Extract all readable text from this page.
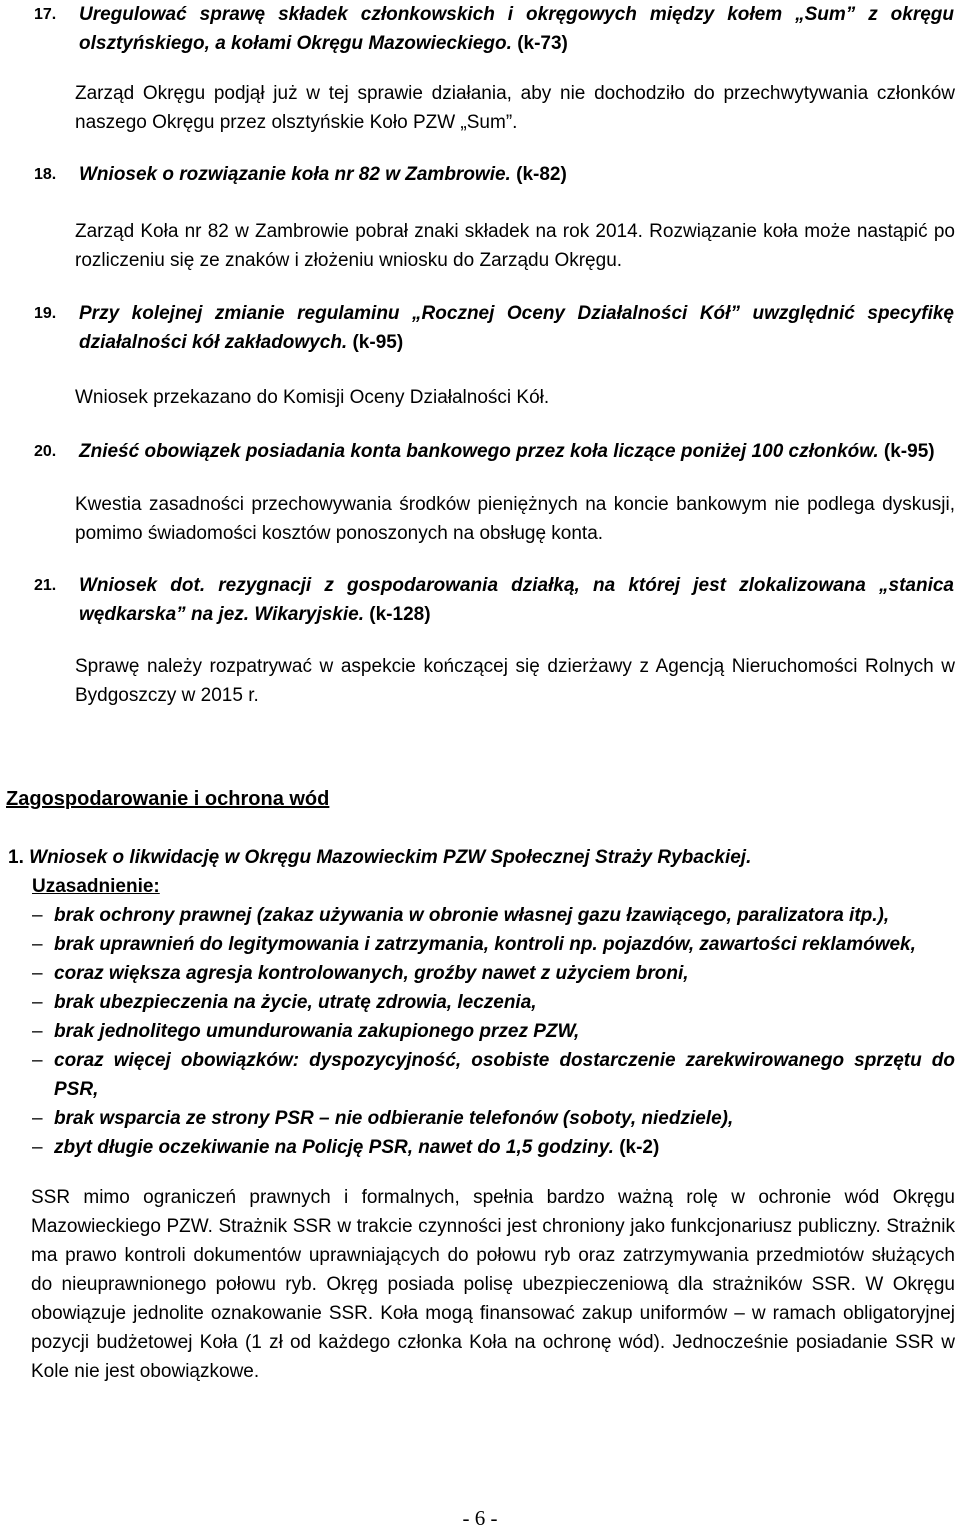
17.	Uregulować sprawę składek członkowskich i okręgowych między kołem „Sum” z okręgu olsztyńskiego, a kołami Okręgu Mazowieckiego. (k-73)
Zarząd Okręgu podjął już w tej sprawie działania, aby nie dochodziło do przechwytywania członków naszego Okręgu przez olsztyńskie Koło PZW „Sum”.
18.	Wniosek o rozwiązanie koła nr 82 w Zambrowie. (k-82)
Zarząd Koła nr 82 w Zambrowie pobrał znaki składek na rok 2014. Rozwiązanie koła może nastąpić po rozliczeniu się ze znaków i złożeniu wniosku do Zarządu Okręgu.
19.	Przy kolejnej zmianie regulaminu „Rocznej Oceny Działalności Kół” uwzględnić specyfikę działalności kół zakładowych. (k-95)
Wniosek przekazano do Komisji Oceny Działalności Kół.
20.	Znieść obowiązek posiadania konta bankowego przez koła liczące poniżej 100 członków. (k-95)
Kwestia zasadności przechowywania środków pieniężnych na koncie bankowym nie podlega dyskusji, pomimo świadomości kosztów ponoszonych na obsługę konta.
21.	Wniosek dot. rezygnacji z gospodarowania działką, na której jest zlokalizowana „stanica wędkarska” na jez. Wikaryjskie. (k-128)
Sprawę należy rozpatrywać w aspekcie kończącej się dzierżawy z Agencją Nieruchomości Rolnych w Bydgoszczy w 2015 r.
Zagospodarowanie i ochrona wód
1. Wniosek o likwidację w Okręgu Mazowieckim PZW Społecznej Straży Rybackiej.
Uzasadnienie:
– brak ochrony prawnej (zakaz używania w obronie własnej gazu łzawiącego, paralizatora itp.),
– brak uprawnień do legitymowania i zatrzymania, kontroli np. pojazdów, zawartości reklamówek,
– coraz większa agresja kontrolowanych, groźby nawet z użyciem broni,
– brak ubezpieczenia na życie, utratę zdrowia, leczenia,
– brak jednolitego umundurowania zakupionego przez PZW,
– coraz więcej obowiązków: dyspozycyjność, osobiste dostarczenie zarekwirowanego sprzętu do PSR,
– brak wsparcia ze strony PSR – nie odbieranie telefonów (soboty, niedziele),
– zbyt długie oczekiwanie na Policję PSR, nawet do 1,5 godziny. (k-2)
SSR mimo ograniczeń prawnych i formalnych, spełnia bardzo ważną rolę w ochronie wód Okręgu Mazowieckiego PZW. Strażnik SSR w trakcie czynności jest chroniony jako funkcjonariusz publiczny. Strażnik ma prawo kontroli dokumentów uprawniających do połowu ryb oraz zatrzymywania przedmiotów służących do nieuprawnionego połowu ryb. Okręg posiada polisę ubezpieczeniową dla strażników SSR. W Okręgu obowiązuje jednolite oznakowanie SSR. Koła mogą finansować zakup uniformów – w ramach obligatoryjnej pozycji budżetowej Koła (1 zł od każdego członka Koła na ochronę wód). Jednocześnie posiadanie SSR w Kole nie jest obowiązkowe.
- 6 -
